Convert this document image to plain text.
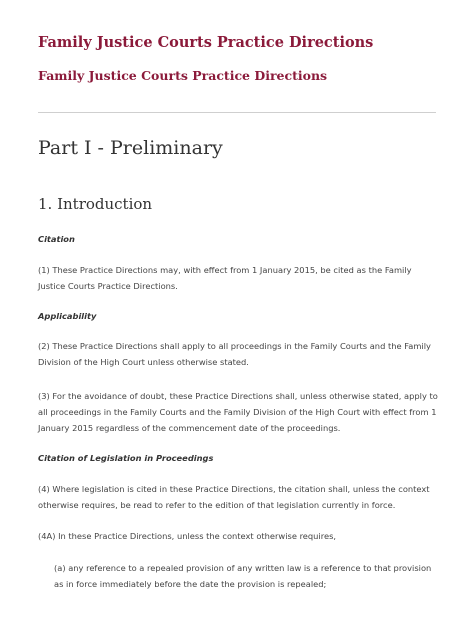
Family Justice Courts Practice Directions
Family Justice Courts Practice Directions
Part I - Preliminary
1. Introduction
Citation

(1) These Practice Directions may, with effect from 1 January 2015, be cited as the Family Justice Courts Practice Directions.

Applicability

(2) These Practice Directions shall apply to all proceedings in the Family Courts and the Family Division of the High Court unless otherwise stated.

(3) For the avoidance of doubt, these Practice Directions shall, unless otherwise stated, apply to all proceedings in the Family Courts and the Family Division of the High Court with effect from 1 January 2015 regardless of the commencement date of the proceedings.

Citation of Legislation in Proceedings

(4) Where legislation is cited in these Practice Directions, the citation shall, unless the context otherwise requires, be read to refer to the edition of that legislation currently in force.

(4A) In these Practice Directions, unless the context otherwise requires,

(a) any reference to a repealed provision of any written law is a reference to that provision as in force immediately before the date the provision is repealed;
